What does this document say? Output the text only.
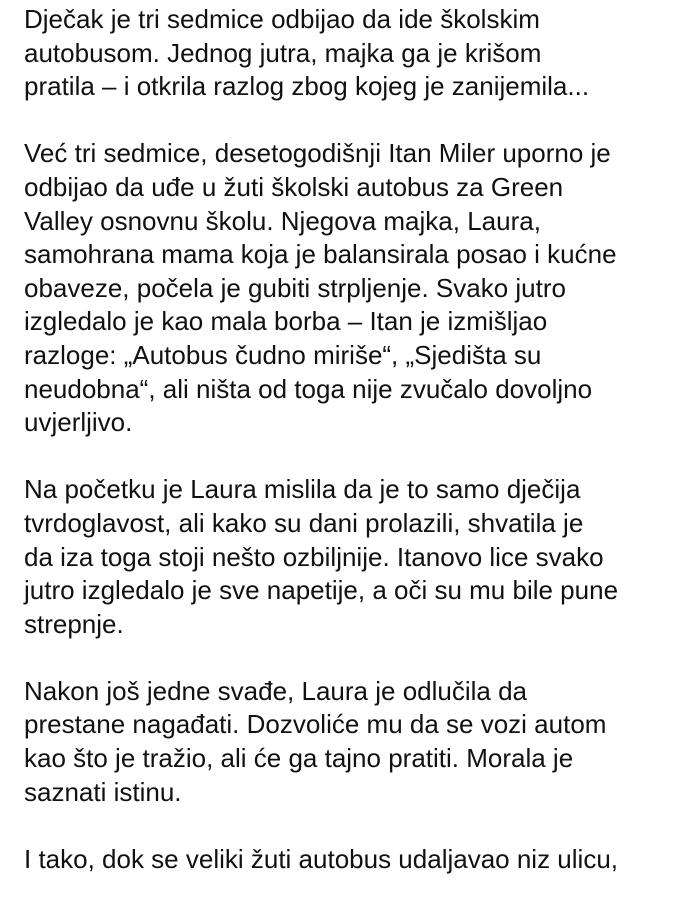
Dječak je tri sedmice odbijao da ide školskim
autobusom. Jednog jutra, majka ga je krišom
pratila – i otkrila razlog zbog kojeg je zanijemila...

Već tri sedmice, desetogodišnji Itan Miler uporno je
odbijao da uđe u žuti školski autobus za Green
Valley osnovnu školu. Njegova majka, Laura,
samohrana mama koja je balansirala posao i kućne
obaveze, počela je gubiti strpljenje. Svako jutro
izgledalo je kao mala borba – Itan je izmišljao
razloge: „Autobus čudno miriše“, „Sjedišta su
neudobna“, ali ništa od toga nije zvučalo dovoljno
uvjerljivo.

Na početku je Laura mislila da je to samo dječija
tvrdoglavost, ali kako su dani prolazili, shvatila je
da iza toga stoji nešto ozbiljnije. Itanovo lice svako
jutro izgledalo je sve napetije, a oči su mu bile pune
strepnje.

Nakon još jedne svađe, Laura je odlučila da
prestane nagađati. Dozvoliće mu da se vozi autom
kao što je tražio, ali će ga tajno pratiti. Morala je
saznati istinu.

I tako, dok se veliki žuti autobus udaljavao niz ulicu,
